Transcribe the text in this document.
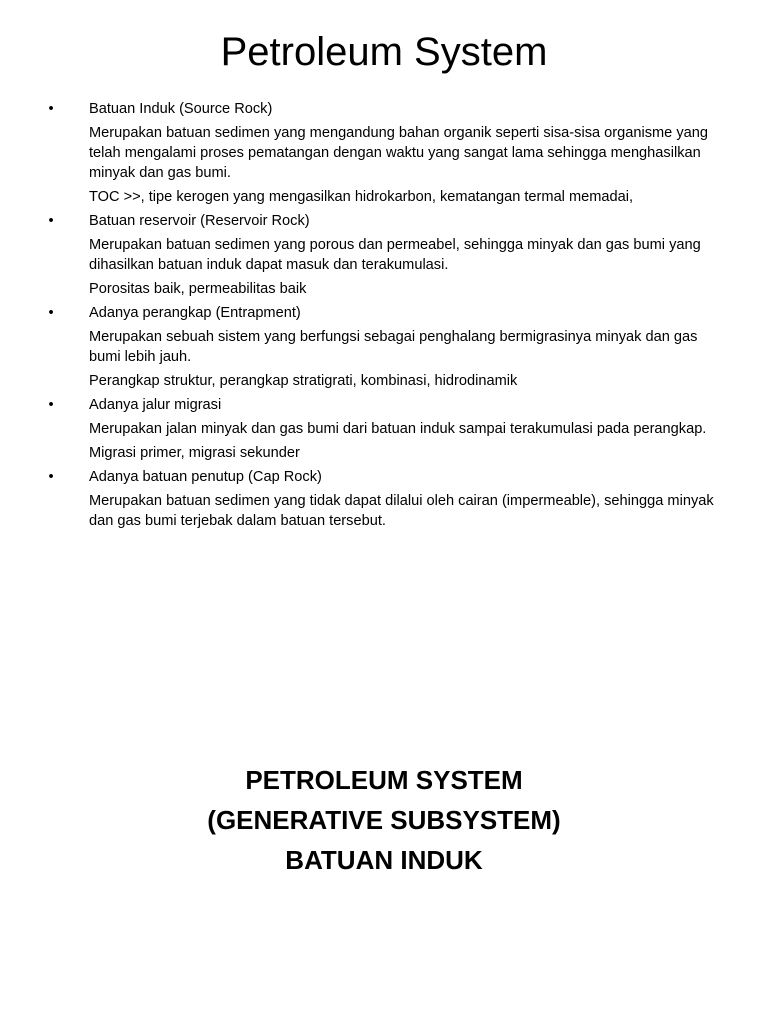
Petroleum System

•	Batuan Induk (Source Rock)

Merupakan batuan sedimen yang mengandung bahan organik seperti sisa-sisa organisme yang telah mengalami proses pematangan dengan waktu yang sangat lama sehingga menghasilkan minyak dan gas bumi.

TOC >>, tipe kerogen yang mengasilkan hidrokarbon, kematangan termal memadai,

•	Batuan reservoir (Reservoir Rock)

Merupakan batuan sedimen yang porous dan permeabel, sehingga minyak dan gas bumi yang dihasilkan batuan induk dapat masuk dan terakumulasi.

Porositas baik, permeabilitas baik

•	Adanya perangkap (Entrapment)

Merupakan sebuah sistem yang berfungsi sebagai penghalang bermigrasinya minyak dan gas bumi lebih jauh.

Perangkap struktur, perangkap stratigrati, kombinasi, hidrodinamik

•	Adanya jalur migrasi

Merupakan jalan minyak dan gas bumi dari batuan induk sampai terakumulasi pada perangkap.

Migrasi primer, migrasi sekunder

•	Adanya batuan penutup (Cap Rock)

Merupakan batuan sedimen yang tidak dapat dilalui oleh cairan (impermeable), sehingga minyak dan gas bumi terjebak dalam batuan tersebut.

PETROLEUM SYSTEM
(GENERATIVE SUBSYSTEM)
BATUAN INDUK
